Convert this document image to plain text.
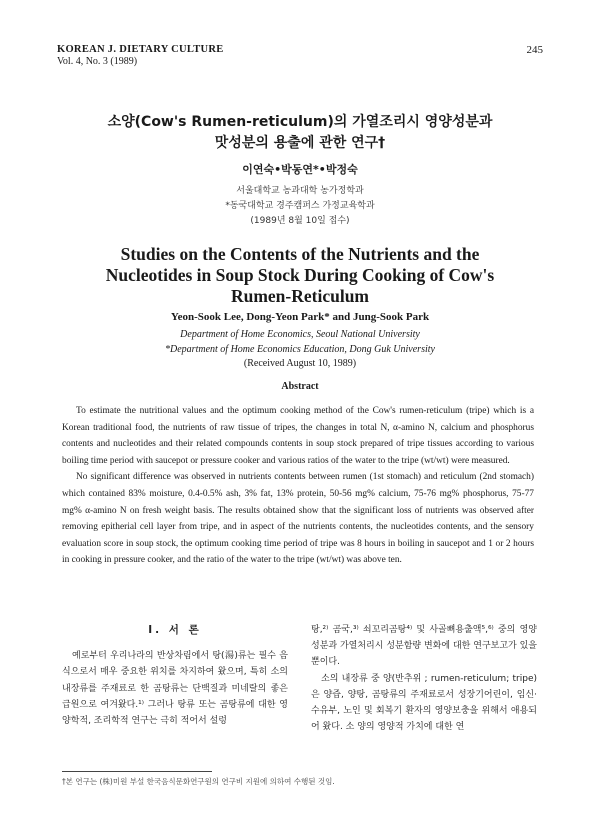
KOREAN J. DIETARY CULTURE
Vol. 4, No. 3 (1989)
245
소양(Cow's Rumen-reticulum)의 가열조리시 영양성분과
맛성분의 용출에 관한 연구†
이연숙•박동연*•박정숙
서울대학교 농과대학 농가정학과
*동국대학교 경주캠퍼스 가정교육학과
(1989년 8월 10일 접수)
Studies on the Contents of the Nutrients and the
Nucleotides in Soup Stock During Cooking of Cow's
Rumen-Reticulum
Yeon-Sook Lee, Dong-Yeon Park* and Jung-Sook Park
Department of Home Economics, Seoul National University
*Department of Home Economics Education, Dong Guk University
(Received August 10, 1989)
Abstract

To estimate the nutritional values and the optimum cooking method of the Cow's rumen-reticulum (tripe) which is a Korean traditional food, the nutrients of raw tissue of tripes, the changes in total N, α-amino N, calcium and phosphorus contents and nucleotides and their related compounds contents in soup stock prepared of tripe tissues according to various boiling time period with saucepot or pressure cooker and various ratios of the water to the tripe (wt/wt) were measured.

No significant difference was observed in nutrients contents between rumen (1st stomach) and reticulum (2nd stomach) which contained 83% moisture, 0.4-0.5% ash, 3% fat, 13% protein, 50-56 mg% calcium, 75-76 mg% phosphorus, 75-77 mg% α-amino N on fresh weight basis. The results obtained show that the significant loss of nutrients was observed after removing epitherial cell layer from tripe, and in aspect of the nutrients contents, the nucleotides contents, and the sensory evaluation score in soup stock, the optimum cooking time period of tripe was 8 hours in boiling in saucepot and 1 or 2 hours in cooking in pressure cooker, and the ratio of the water to the tripe (wt/wt) was above ten.

I. 서 론

예로부터 우리나라의 반상차림에서 탕(湯)류는 필수 음식으로서 매우 중요한 위치를 차지하여 왔으며, 특히 소의 내장류를 주재료로 한 곰탕류는 단백질과 미네랄의 좋은 급원으로 여겨왔다.¹⁾ 그러나 탕류 또는 곰탕류에 대한 영양학적, 조리학적 연구는 극히 적어서 설렁

탕,²⁾ 곰국,³⁾ 쇠꼬리곰탕⁴⁾ 및 사골뼈용출액⁵,⁶⁾ 중의 영양성분과 가열처리시 성분함량 변화에 대한 연구보고가 있을 뿐이다.

소의 내장류 중 양(반추위 ; rumen-reticulum; tripe)은 양즙, 양탕, 곰탕류의 주재료로서 성장기어린이, 임신·수유부, 노인 및 회복기 환자의 영양보충을 위해서 애용되어 왔다. 소 양의 영양적 가치에 대한 연

†본 연구는 (株)미원 부설 한국음식문화연구원의 연구비 지원에 의하여 수행된 것임.
